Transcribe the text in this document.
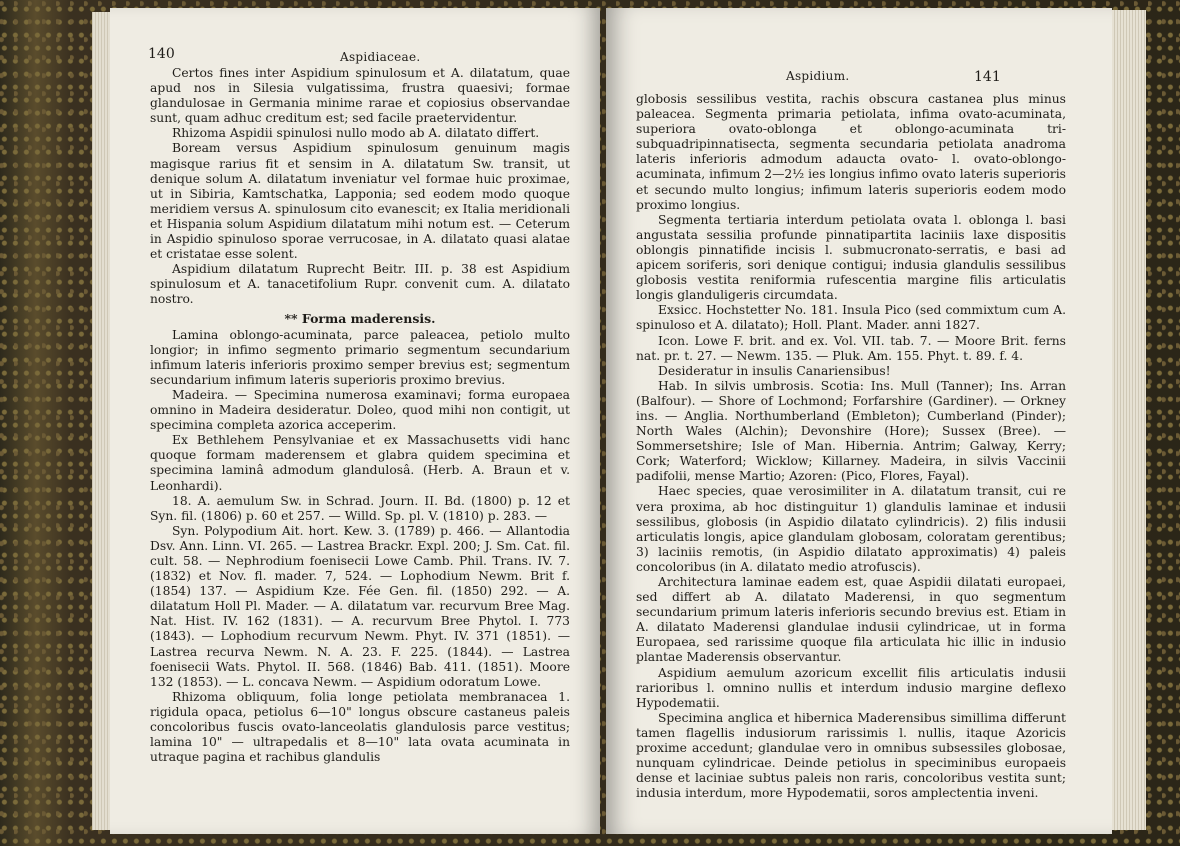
140	Aspidiaceae.

Certos fines inter Aspidium spinulosum et A. dilatatum, quae apud nos in Silesia vulgatissima, frustra quaesivi; formae glandulosae in Germania minime rarae et copiosius observandae sunt, quam adhuc creditum est; sed facile praetervidentur.

Rhizoma Aspidii spinulosi nullo modo ab A. dilatato differt.

Boream versus Aspidium spinulosum genuinum magis magisque rarius fit et sensim in A. dilatatum Sw. transit, ut denique solum A. dilatatum inveniatur vel formae huic proximae, ut in Sibiria, Kamtschatka, Lapponia; sed eodem modo quoque meridiem versus A. spinulosum cito evanescit; ex Italia meridionali et Hispania solum Aspidium dilatatum mihi notum est. — Ceterum in Aspidio spinuloso sporae verrucosae, in A. dilatato quasi alatae et cristatae esse solent.

Aspidium dilatatum Ruprecht Beitr. III. p. 38 est Aspidium spinulosum et A. tanacetifolium Rupr. convenit cum. A. dilatato nostro.

** Forma maderensis.

Lamina oblongo-acuminata, parce paleacea, petiolo multo longior; in infimo segmento primario segmentum secundarium infimum lateris inferioris proximo semper brevius est; segmentum secundarium infimum lateris superioris proximo brevius.

Madeira. — Specimina numerosa examinavi; forma europaea omnino in Madeira desideratur. Doleo, quod mihi non contigit, ut specimina completa azorica acceperim.

Ex Bethlehem Pensylvaniae et ex Massachusetts vidi hanc quoque formam maderensem et glabra quidem specimina et specimina laminâ admodum glandulosâ. (Herb. A. Braun et v. Leonhardi).

18. A. aemulum Sw. in Schrad. Journ. II. Bd. (1800) p. 12 et Syn. fil. (1806) p. 60 et 257. — Willd. Sp. pl. V. (1810) p. 283. —

Syn. Polypodium Ait. hort. Kew. 3. (1789) p. 466. — Allantodia Dsv. Ann. Linn. VI. 265. — Lastrea Brackr. Expl. 200; J. Sm. Cat. fil. cult. 58. — Nephrodium foenisecii Lowe Camb. Phil. Trans. IV. 7. (1832) et Nov. fl. mader. 7, 524. — Lophodium Newm. Brit f. (1854) 137. — Aspidium Kze. Fée Gen. fil. (1850) 292. — A. dilatatum Holl Pl. Mader. — A. dilatatum var. recurvum Bree Mag. Nat. Hist. IV. 162 (1831). — A. recurvum Bree Phytol. I. 773 (1843). — Lophodium recurvum Newm. Phyt. IV. 371 (1851). — Lastrea recurva Newm. N. A. 23. F. 225. (1844). — Lastrea foenisecii Wats. Phytol. II. 568. (1846) Bab. 411. (1851). Moore 132 (1853). — L. concava Newm. — Aspidium odoratum Lowe.

Rhizoma obliquum, folia longe petiolata membranacea 1. rigidula opaca, petiolus 6—10" longus obscure castaneus paleis concoloribus fuscis ovato-lanceolatis glandulosis parce vestitus; lamina 10" — ultrapedalis et 8—10" lata ovata acuminata in utraque pagina et rachibus glandulis

Aspidium.	141

globosis sessilibus vestita, rachis obscura castanea plus minus paleacea. Segmenta primaria petiolata, infima ovato-acuminata, superiora ovato-oblonga et oblongo-acuminata tri-subquadripinnatisecta, segmenta secundaria petiolata anadroma lateris inferioris admodum adaucta ovato- l. ovato-oblongo-acuminata, infimum 2—2½ ies longius infimo ovato lateris superioris et secundo multo longius; infimum lateris superioris eodem modo proximo longius.

Segmenta tertiaria interdum petiolata ovata l. oblonga l. basi angustata sessilia profunde pinnatipartita laciniis laxe dispositis oblongis pinnatifide incisis l. submucronato-serratis, e basi ad apicem soriferis, sori denique contigui; indusia glandulis sessilibus globosis vestita reniformia rufescentia margine filis articulatis longis glanduligeris circumdata.

Exsicc. Hochstetter No. 181. Insula Pico (sed commixtum cum A. spinuloso et A. dilatato); Holl. Plant. Mader. anni 1827.

Icon. Lowe F. brit. and ex. Vol. VII. tab. 7. — Moore Brit. ferns nat. pr. t. 27. — Newm. 135. — Pluk. Am. 155. Phyt. t. 89. f. 4.

Desideratur in insulis Canariensibus!

Hab. In silvis umbrosis. Scotia: Ins. Mull (Tanner); Ins. Arran (Balfour). — Shore of Lochmond; Forfarshire (Gardiner). — Orkney ins. — Anglia. Northumberland (Embleton); Cumberland (Pinder); North Wales (Alchin); Devonshire (Hore); Sussex (Bree). — Sommersetshire; Isle of Man. Hibernia. Antrim; Galway, Kerry; Cork; Waterford; Wicklow; Killarney. Madeira, in silvis Vaccinii padifolii, mense Martio; Azoren: (Pico, Flores, Fayal).

Haec species, quae verosimiliter in A. dilatatum transit, cui re vera proxima, ab hoc distinguitur 1) glandulis laminae et indusii sessilibus, globosis (in Aspidio dilatato cylindricis). 2) filis indusii articulatis longis, apice glandulam globosam, coloratam gerentibus; 3) laciniis remotis, (in Aspidio dilatato approximatis) 4) paleis concoloribus (in A. dilatato medio atrofuscis).

Architectura laminae eadem est, quae Aspidii dilatati europaei, sed differt ab A. dilatato Maderensi, in quo segmentum secundarium primum lateris inferioris secundo brevius est. Etiam in A. dilatato Maderensi glandulae indusii cylindricae, ut in forma Europaea, sed rarissime quoque fila articulata hic illic in indusio plantae Maderensis observantur.

Aspidium aemulum azoricum excellit filis articulatis indusii rarioribus l. omnino nullis et interdum indusio margine deflexo Hypodematii.

Specimina anglica et hibernica Maderensibus simillima differunt tamen flagellis indusiorum rarissimis l. nullis, itaque Azoricis proxime accedunt; glandulae vero in omnibus subsessiles globosae, nunquam cylindricae. Deinde petiolus in speciminibus europaeis dense et laciniae subtus paleis non raris, concoloribus vestita sunt; indusia interdum, more Hypodematii, soros amplectentia inveni.
